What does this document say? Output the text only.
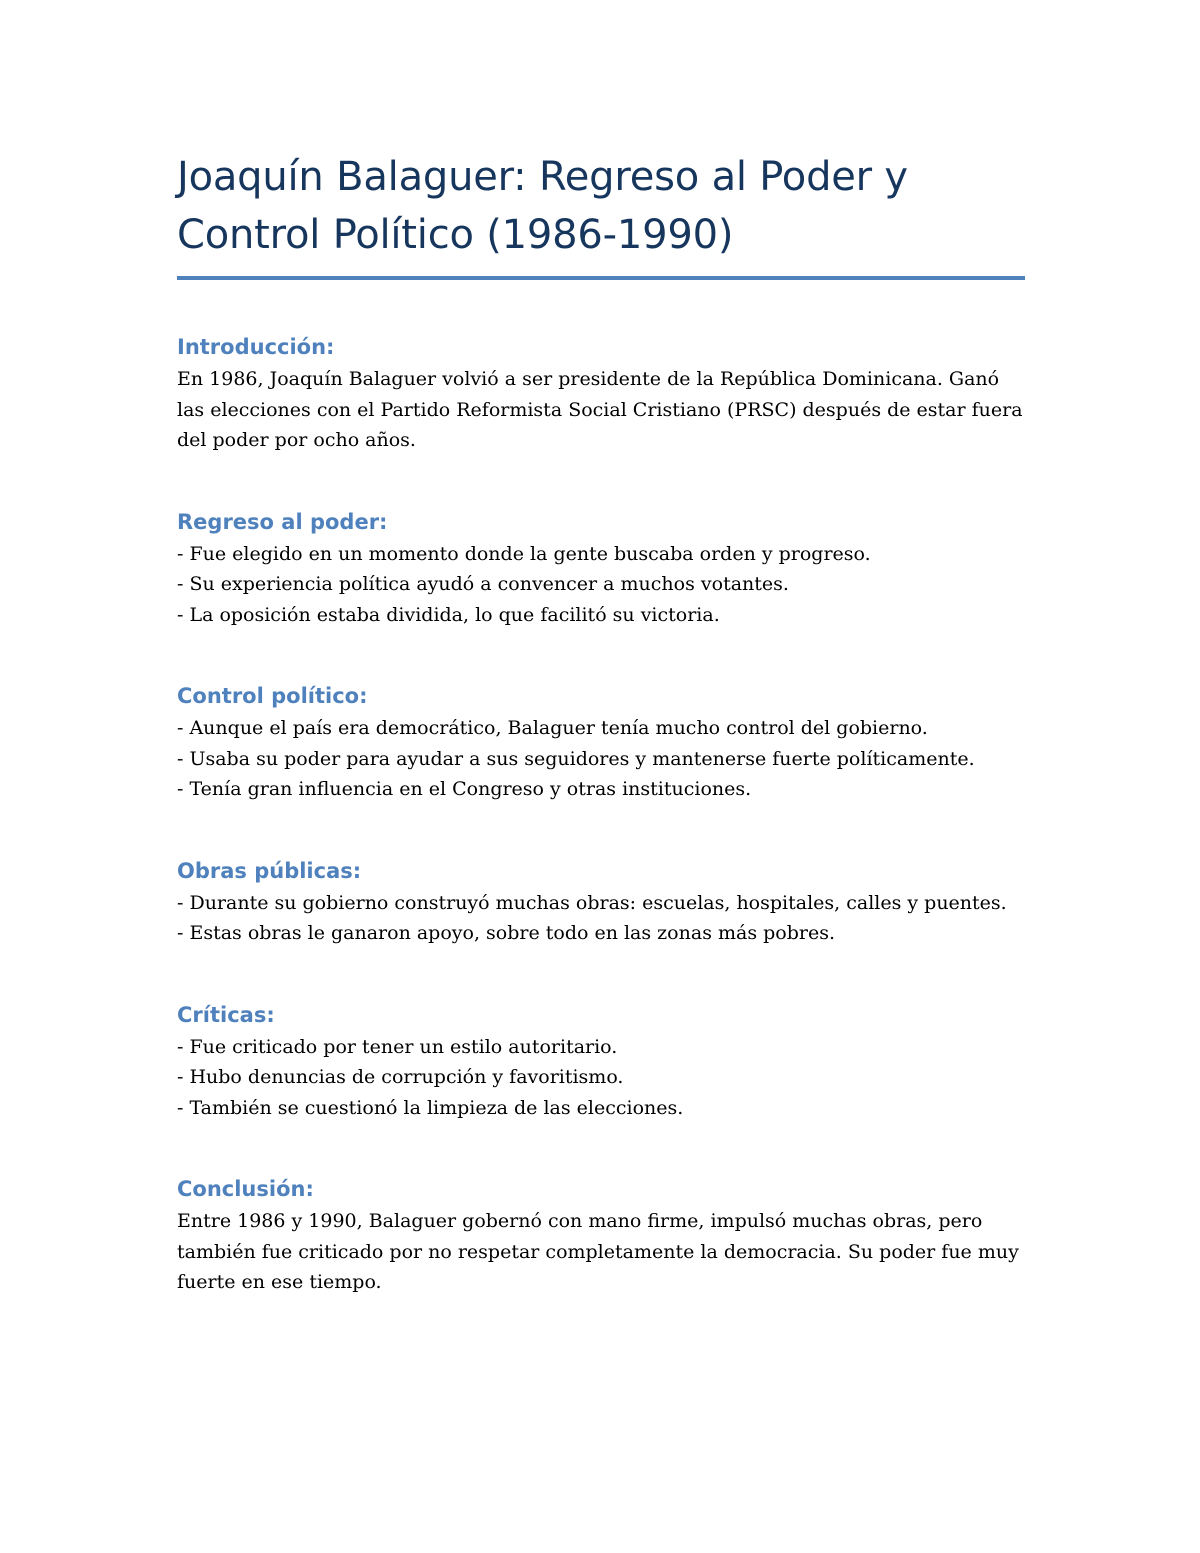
Joaquín Balaguer: Regreso al Poder y
Control Político (1986-1990)
Introducción:

En 1986, Joaquín Balaguer volvió a ser presidente de la República Dominicana. Ganó las elecciones con el Partido Reformista Social Cristiano (PRSC) después de estar fuera del poder por ocho años.

Regreso al poder:
- Fue elegido en un momento donde la gente buscaba orden y progreso.
- Su experiencia política ayudó a convencer a muchos votantes.
- La oposición estaba dividida, lo que facilitó su victoria.
Control político:
- Aunque el país era democrático, Balaguer tenía mucho control del gobierno.
- Usaba su poder para ayudar a sus seguidores y mantenerse fuerte políticamente.
- Tenía gran influencia en el Congreso y otras instituciones.
Obras públicas:
- Durante su gobierno construyó muchas obras: escuelas, hospitales, calles y puentes.
- Estas obras le ganaron apoyo, sobre todo en las zonas más pobres.
Críticas:
- Fue criticado por tener un estilo autoritario.
- Hubo denuncias de corrupción y favoritismo.
- También se cuestionó la limpieza de las elecciones.
Conclusión:

Entre 1986 y 1990, Balaguer gobernó con mano firme, impulsó muchas obras, pero también fue criticado por no respetar completamente la democracia. Su poder fue muy fuerte en ese tiempo.
